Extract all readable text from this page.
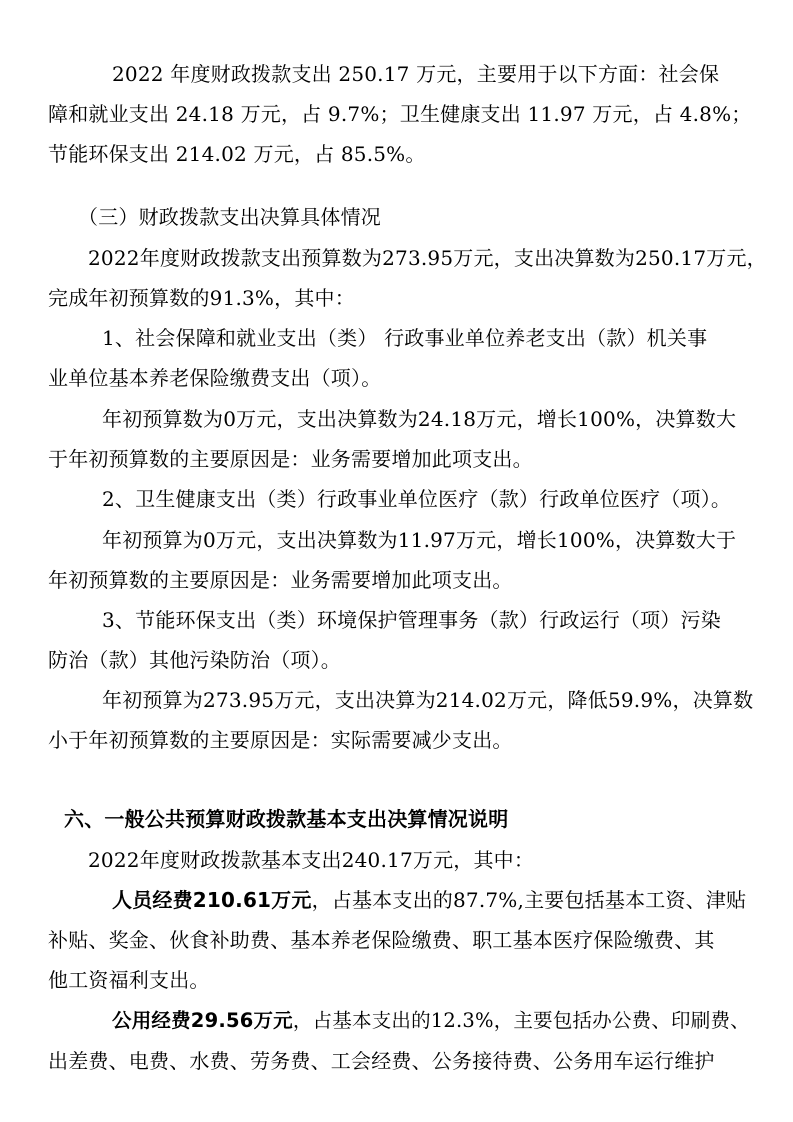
2022 年度财政拨款支出 250.17 万元，主要用于以下方面：社会保
障和就业支出 24.18 万元，占 9.7%；卫生健康支出 11.97 万元，占 4.8%；
节能环保支出 214.02 万元，占 85.5%。
（三）财政拨款支出决算具体情况
2022年度财政拨款支出预算数为273.95万元，支出决算数为250.17万元，
完成年初预算数的91.3%，其中：
1、社会保障和就业支出（类） 行政事业单位养老支出（款）机关事
业单位基本养老保险缴费支出（项）。
年初预算数为0万元，支出决算数为24.18万元，增长100%，决算数大
于年初预算数的主要原因是：业务需要增加此项支出。
2、卫生健康支出（类）行政事业单位医疗（款）行政单位医疗（项）。
年初预算为0万元，支出决算数为11.97万元，增长100%，决算数大于
年初预算数的主要原因是：业务需要增加此项支出。
3、节能环保支出（类）环境保护管理事务（款）行政运行（项）污染
防治（款）其他污染防治（项）。
年初预算为273.95万元，支出决算为214.02万元，降低59.9%，决算数
小于年初预算数的主要原因是：实际需要减少支出。
六、一般公共预算财政拨款基本支出决算情况说明
2022年度财政拨款基本支出240.17万元，其中：
人员经费210.61万元，占基本支出的87.7%,主要包括基本工资、津贴
补贴、奖金、伙食补助费、基本养老保险缴费、职工基本医疗保险缴费、其
他工资福利支出。
公用经费29.56万元，占基本支出的12.3%，主要包括办公费、印刷费、
出差费、电费、水费、劳务费、工会经费、公务接待费、公务用车运行维护
